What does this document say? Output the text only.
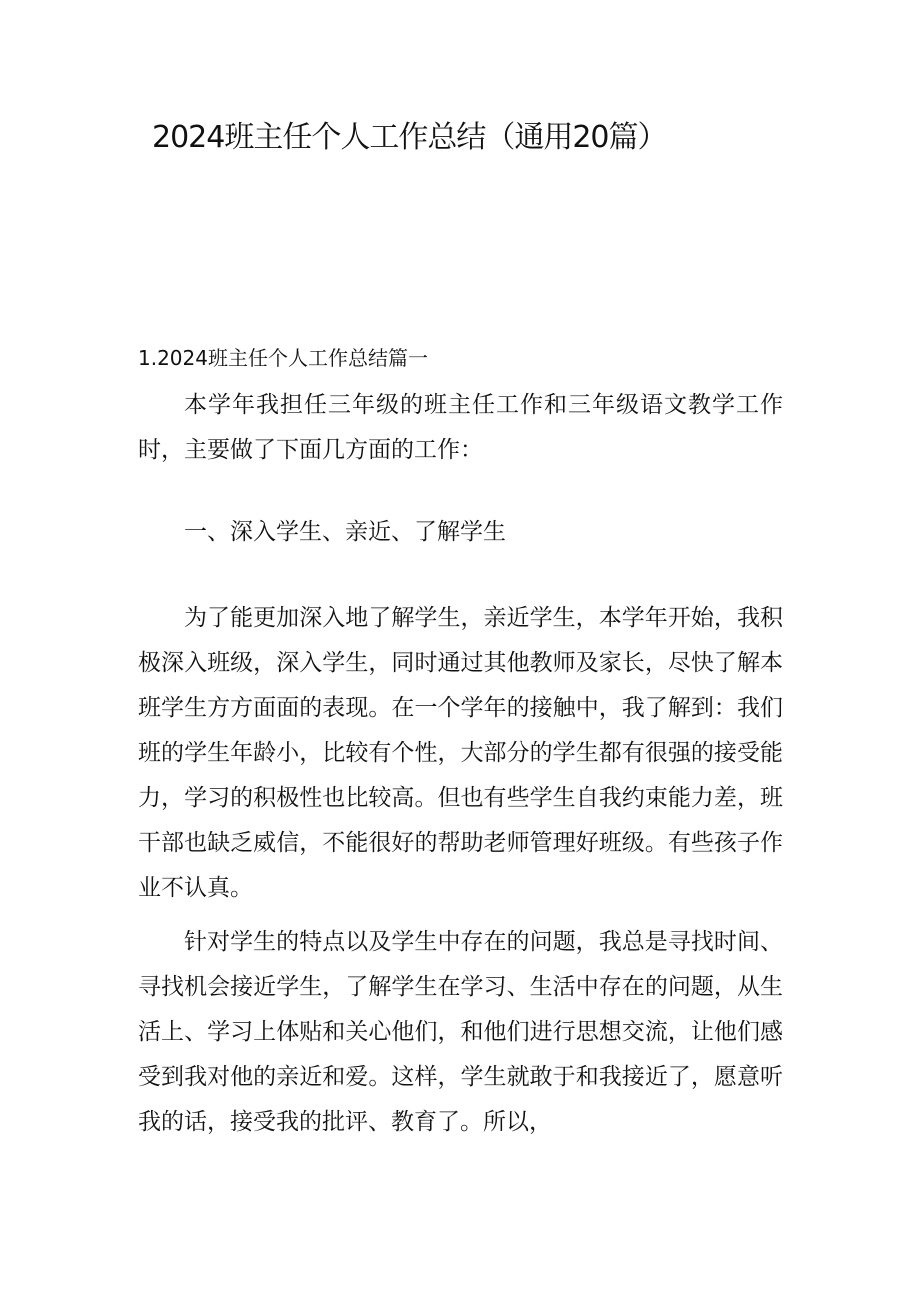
2024班主任个人工作总结（通用20篇）
1.2024班主任个人工作总结篇一

本学年我担任三年级的班主任工作和三年级语文教学工作时，主要做了下面几方面的工作：

一、深入学生、亲近、了解学生

为了能更加深入地了解学生，亲近学生，本学年开始，我积极深入班级，深入学生，同时通过其他教师及家长，尽快了解本班学生方方面面的表现。在一个学年的接触中，我了解到：我们班的学生年龄小，比较有个性，大部分的学生都有很强的接受能力，学习的积极性也比较高。但也有些学生自我约束能力差，班干部也缺乏威信，不能很好的帮助老师管理好班级。有些孩子作业不认真。

针对学生的特点以及学生中存在的问题，我总是寻找时间、寻找机会接近学生，了解学生在学习、生活中存在的问题，从生活上、学习上体贴和关心他们，和他们进行思想交流，让他们感受到我对他的亲近和爱。这样，学生就敢于和我接近了，愿意听我的话，接受我的批评、教育了。所以，
